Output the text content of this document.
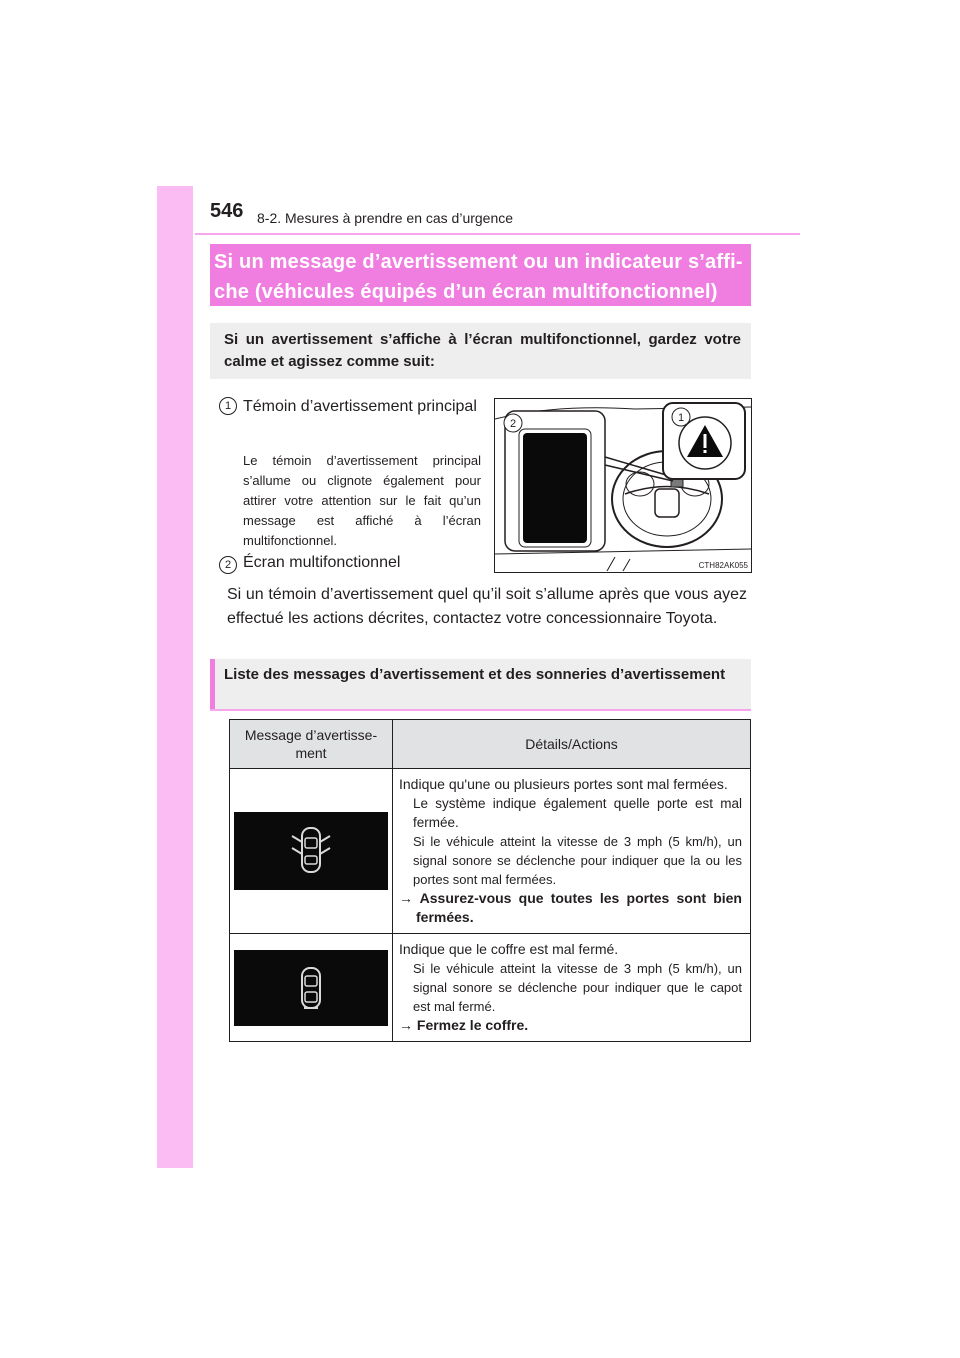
546 8-2. Mesures à prendre en cas d’urgence
Si un message d’avertissement ou un indicateur s’affi-
che (véhicules équipés d’un écran multifonctionnel)
Si un avertissement s’affiche à l’écran multifonctionnel, gardez votre calme et agissez comme suit:
1 Témoin d’avertissement principal
Le témoin d’avertissement principal s’allume ou clignote également pour attirer votre attention sur le fait qu’un message est affiché à l’écran multifonctionnel.
2 Écran multifonctionnel
Si un témoin d’avertissement quel qu’il soit s’allume après que vous ayez effectué les actions décrites, contactez votre concessionnaire Toyota.
1
2
CTH82AK055
Liste des messages d’avertissement et des sonneries d’avertissement
Message d’avertisse-ment	Détails/Actions

Indique qu'une ou plusieurs portes sont mal fermées.
Le système indique également quelle porte est mal fermée.
Si le véhicule atteint la vitesse de 3 mph (5 km/h), un signal sonore se déclenche pour indiquer que la ou les portes sont mal fermées.
→ Assurez-vous que toutes les portes sont bien fermées.

Indique que le coffre est mal fermé.
Si le véhicule atteint la vitesse de 3 mph (5 km/h), un signal sonore se déclenche pour indiquer que le capot est mal fermé.
→ Fermez le coffre.
